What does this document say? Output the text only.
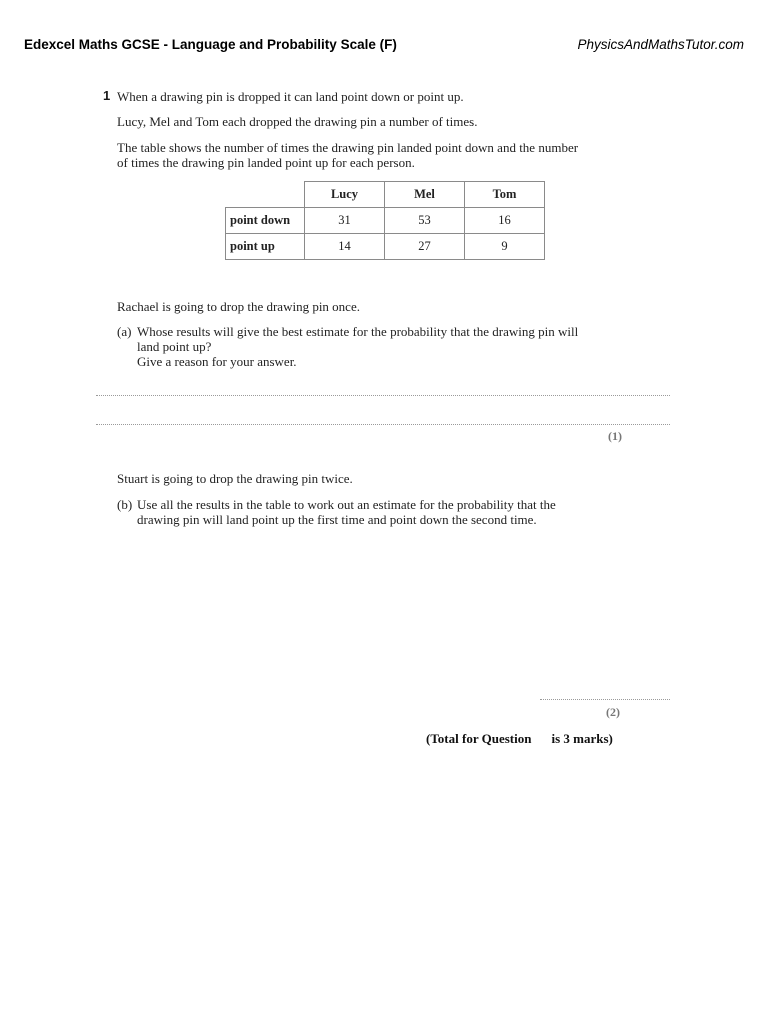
Edexcel Maths GCSE - Language and Probability Scale (F)	PhysicsAndMathsTutor.com
1 When a drawing pin is dropped it can land point down or point up.
Lucy, Mel and Tom each dropped the drawing pin a number of times.
The table shows the number of times the drawing pin landed point down and the number
of times the drawing pin landed point up for each person.
	Lucy	Mel	Tom
point down	31	53	16
point up	14	27	9
Rachael is going to drop the drawing pin once.
(a) Whose results will give the best estimate for the probability that the drawing pin will
land point up?
Give a reason for your answer.
(1)
Stuart is going to drop the drawing pin twice.
(b) Use all the results in the table to work out an estimate for the probability that the
drawing pin will land point up the first time and point down the second time.
(2)
(Total for Question is 3 marks)
